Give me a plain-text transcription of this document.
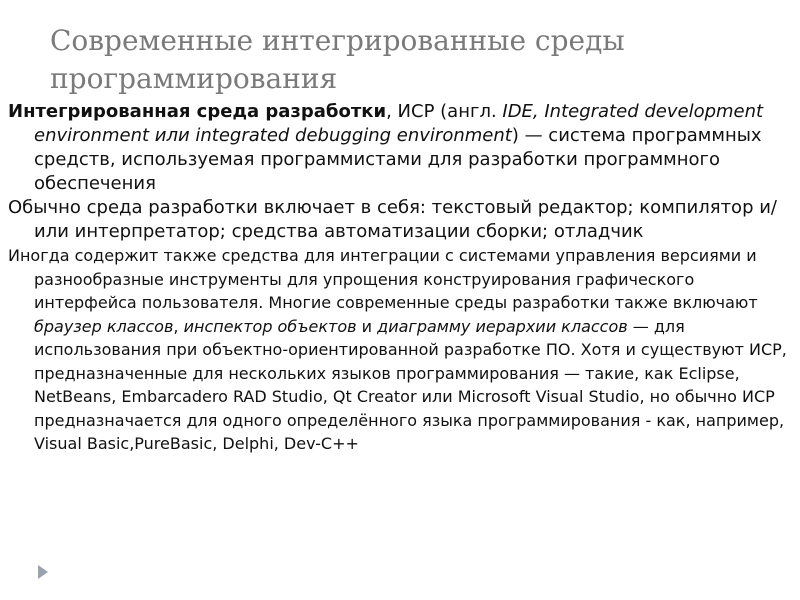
Современные интегрированные среды программирования

Интегрированная среда разработки, ИСР (англ. IDE, Integrated development environment или integrated debugging environment) — система программных средств, используемая программистами для разработки программного обеспечения

Обычно среда разработки включает в себя: текстовый редактор; компилятор и/или интерпретатор; средства автоматизации сборки; отладчик

Иногда содержит также средства для интеграции с системами управления версиями и разнообразные инструменты для упрощения конструирования графического интерфейса пользователя. Многие современные среды разработки также включают браузер классов, инспектор объектов и диаграмму иерархии классов — для использования при объектно-ориентированной разработке ПО. Хотя и существуют ИСР, предназначенные для нескольких языков программирования — такие, как Eclipse, NetBeans, Embarcadero RAD Studio, Qt Creator или Microsoft Visual Studio, но обычно ИСР предназначается для одного определённого языка программирования - как, например, Visual Basic,PureBasic, Delphi, Dev-C++
